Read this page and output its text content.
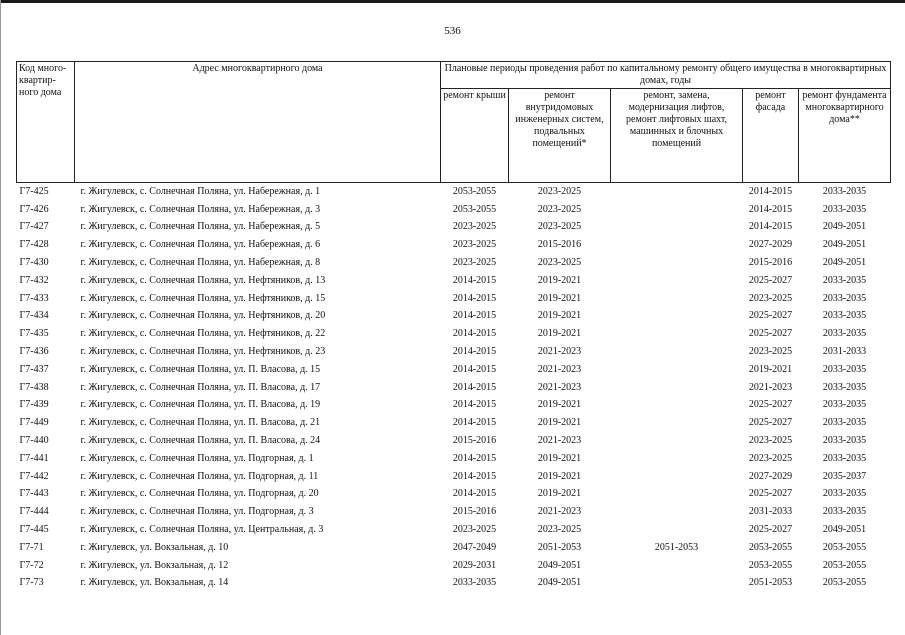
536
Код много-квартир-ного дома	Адрес многоквартирного дома	Плановые периоды проведения работ по капитальному ремонту общего имущества в многоквартирных домах, годы				
		ремонт крыши	ремонт внутридомовых инженерных систем, подвальных помещений*	ремонт, замена, модернизация лифтов, ремонт лифтовых шахт, машинных и блочных помещений	ремонт фасада	ремонт фундамента многоквартирного дома**
Г7-425	г. Жигулевск, с. Солнечная Поляна, ул. Набережная, д. 1	2053-2055	2023-2025		2014-2015	2033-2035
Г7-426	г. Жигулевск, с. Солнечная Поляна, ул. Набережная, д. 3	2053-2055	2023-2025		2014-2015	2033-2035
Г7-427	г. Жигулевск, с. Солнечная Поляна, ул. Набережная, д. 5	2023-2025	2023-2025		2014-2015	2049-2051
Г7-428	г. Жигулевск, с. Солнечная Поляна, ул. Набережная, д. 6	2023-2025	2015-2016		2027-2029	2049-2051
Г7-430	г. Жигулевск, с. Солнечная Поляна, ул. Набережная, д. 8	2023-2025	2023-2025		2015-2016	2049-2051
Г7-432	г. Жигулевск, с. Солнечная Поляна, ул. Нефтяников, д. 13	2014-2015	2019-2021		2025-2027	2033-2035
Г7-433	г. Жигулевск, с. Солнечная Поляна, ул. Нефтяников, д. 15	2014-2015	2019-2021		2023-2025	2033-2035
Г7-434	г. Жигулевск, с. Солнечная Поляна, ул. Нефтяников, д. 20	2014-2015	2019-2021		2025-2027	2033-2035
Г7-435	г. Жигулевск, с. Солнечная Поляна, ул. Нефтяников, д. 22	2014-2015	2019-2021		2025-2027	2033-2035
Г7-436	г. Жигулевск, с. Солнечная Поляна, ул. Нефтяников, д. 23	2014-2015	2021-2023		2023-2025	2031-2033
Г7-437	г. Жигулевск, с. Солнечная Поляна, ул. П. Власова, д. 15	2014-2015	2021-2023		2019-2021	2033-2035
Г7-438	г. Жигулевск, с. Солнечная Поляна, ул. П. Власова, д. 17	2014-2015	2021-2023		2021-2023	2033-2035
Г7-439	г. Жигулевск, с. Солнечная Поляна, ул. П. Власова, д. 19	2014-2015	2019-2021		2025-2027	2033-2035
Г7-449	г. Жигулевск, с. Солнечная Поляна, ул. П. Власова, д. 21	2014-2015	2019-2021		2025-2027	2033-2035
Г7-440	г. Жигулевск, с. Солнечная Поляна, ул. П. Власова, д. 24	2015-2016	2021-2023		2023-2025	2033-2035
Г7-441	г. Жигулевск, с. Солнечная Поляна, ул. Подгорная, д. 1	2014-2015	2019-2021		2023-2025	2033-2035
Г7-442	г. Жигулевск, с. Солнечная Поляна, ул. Подгорная, д. 11	2014-2015	2019-2021		2027-2029	2035-2037
Г7-443	г. Жигулевск, с. Солнечная Поляна, ул. Подгорная, д. 20	2014-2015	2019-2021		2025-2027	2033-2035
Г7-444	г. Жигулевск, с. Солнечная Поляна, ул. Подгорная, д. 3	2015-2016	2021-2023		2031-2033	2033-2035
Г7-445	г. Жигулевск, с. Солнечная Поляна, ул. Центральная, д. 3	2023-2025	2023-2025		2025-2027	2049-2051
Г7-71	г. Жигулевск, ул. Вокзальная, д. 10	2047-2049	2051-2053	2051-2053	2053-2055	2053-2055
Г7-72	г. Жигулевск, ул. Вокзальная, д. 12	2029-2031	2049-2051		2053-2055	2053-2055
Г7-73	г. Жигулевск, ул. Вокзальная, д. 14	2033-2035	2049-2051		2051-2053	2053-2055
